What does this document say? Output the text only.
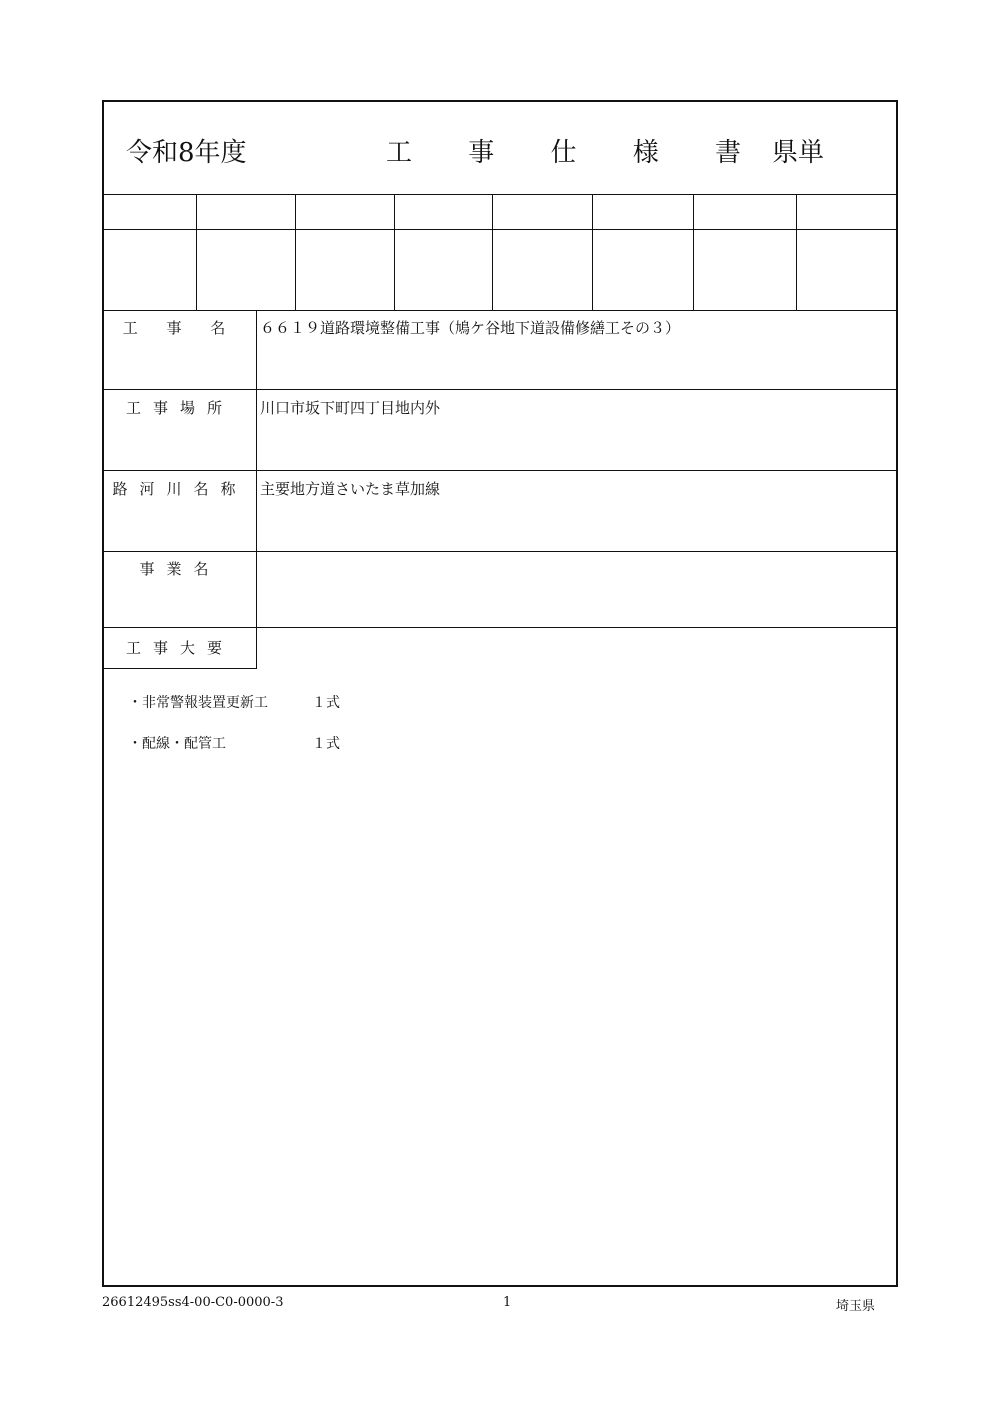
令和8年度	工 事 仕 様 書 県単
工 事 名	６６１９道路環境整備工事（鳩ケ谷地下道設備修繕工その３）
工事場所	川口市坂下町四丁目地内外
路河川名称 主要地方道さいたま草加線
事業名
工事大要
・非常警報装置更新工	１式
・配線・配管工	１式
26612495ss4-00-C0-0000-3	1	埼玉県
